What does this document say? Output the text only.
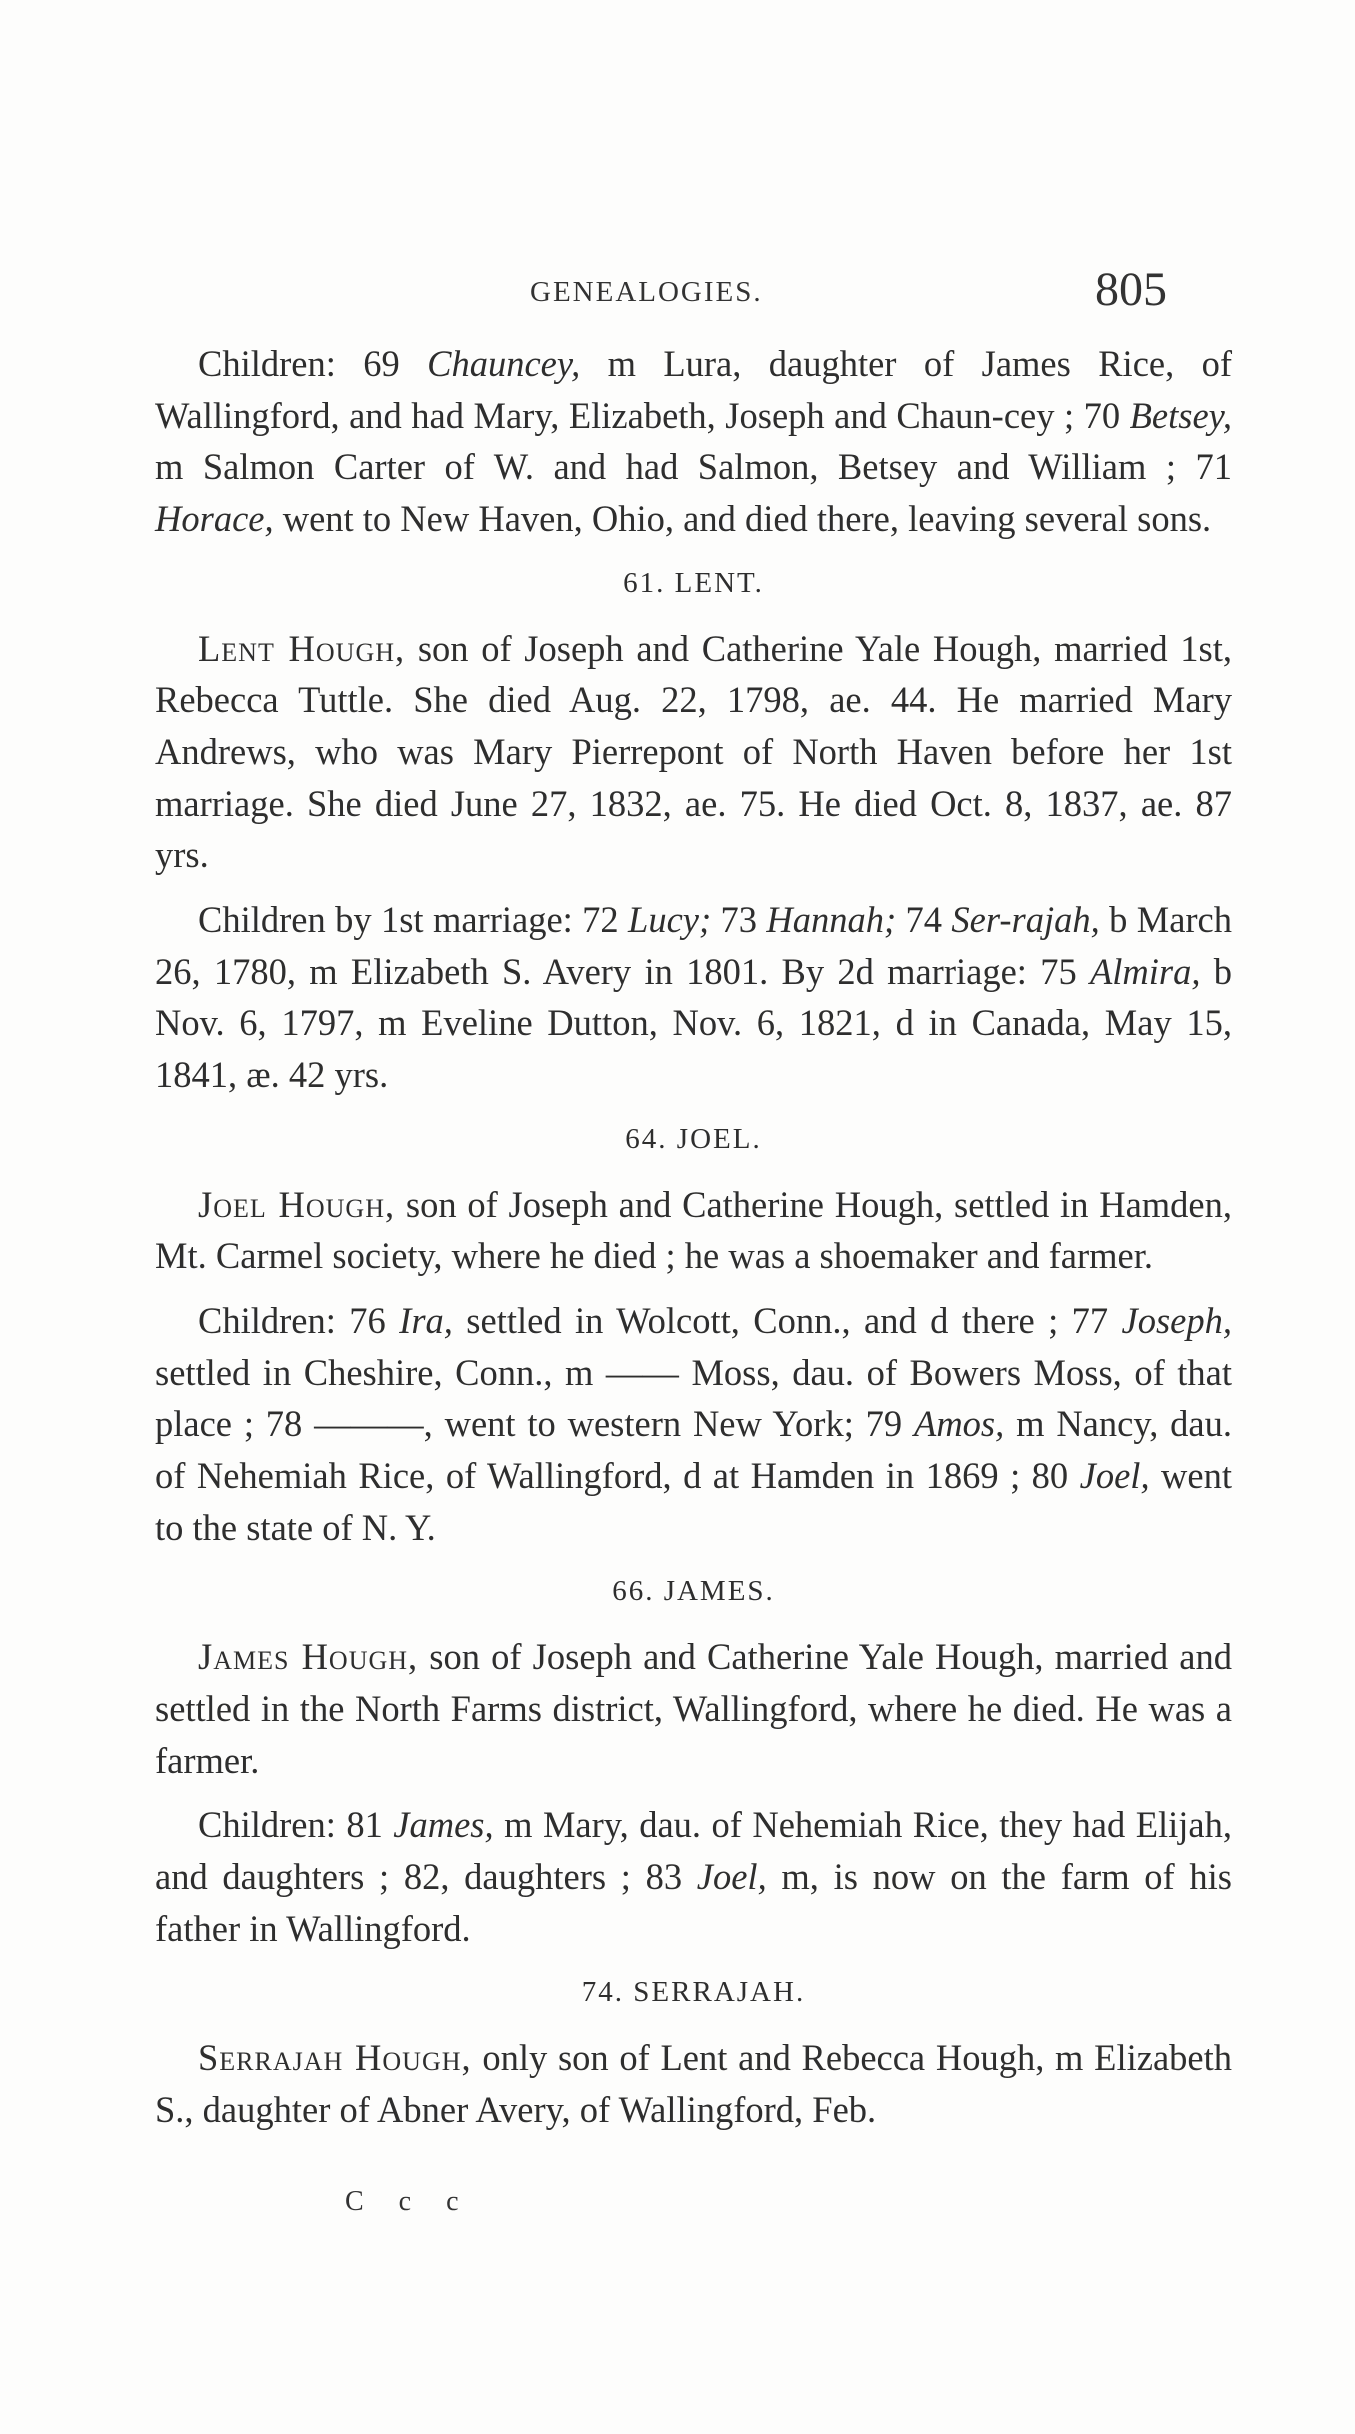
GENEALOGIES.	805

Children: 69 Chauncey, m Lura, daughter of James Rice, of Wallingford, and had Mary, Elizabeth, Joseph and Chaun-cey ; 70 Betsey, m Salmon Carter of W. and had Salmon, Betsey and William ; 71 Horace, went to New Haven, Ohio, and died there, leaving several sons.

61. LENT.

Lent Hough, son of Joseph and Catherine Yale Hough, married 1st, Rebecca Tuttle. She died Aug. 22, 1798, ae. 44. He married Mary Andrews, who was Mary Pierrepont of North Haven before her 1st marriage. She died June 27, 1832, ae. 75. He died Oct. 8, 1837, ae. 87 yrs.

Children by 1st marriage: 72 Lucy; 73 Hannah; 74 Ser-rajah, b March 26, 1780, m Elizabeth S. Avery in 1801. By 2d marriage: 75 Almira, b Nov. 6, 1797, m Eveline Dutton, Nov. 6, 1821, d in Canada, May 15, 1841, æ. 42 yrs.

64. JOEL.

Joel Hough, son of Joseph and Catherine Hough, settled in Hamden, Mt. Carmel society, where he died ; he was a shoemaker and farmer.

Children: 76 Ira, settled in Wolcott, Conn., and d there ; 77 Joseph, settled in Cheshire, Conn., m —— Moss, dau. of Bowers Moss, of that place ; 78 ———, went to western New York; 79 Amos, m Nancy, dau. of Nehemiah Rice, of Wallingford, d at Hamden in 1869 ; 80 Joel, went to the state of N. Y.

66. JAMES.

James Hough, son of Joseph and Catherine Yale Hough, married and settled in the North Farms district, Wallingford, where he died. He was a farmer.

Children: 81 James, m Mary, dau. of Nehemiah Rice, they had Elijah, and daughters ; 82, daughters ; 83 Joel, m, is now on the farm of his father in Wallingford.

74. SERRAJAH.

Serrajah Hough, only son of Lent and Rebecca Hough, m Elizabeth S., daughter of Abner Avery, of Wallingford, Feb.

C c c
